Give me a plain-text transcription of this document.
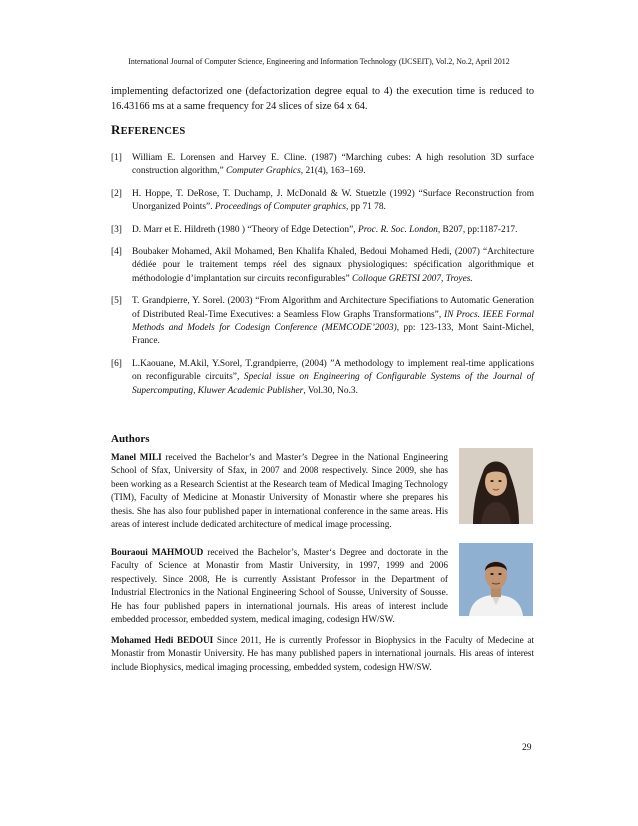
International Journal of Computer Science, Engineering and Information Technology (IJCSEIT), Vol.2, No.2, April 2012

implementing defactorized one (defactorization degree equal to 4) the execution time is reduced to 16.43166 ms at a same frequency for 24 slices of size 64 x 64.

REFERENCES
[1] William E. Lorensen and Harvey E. Cline. (1987) “Marching cubes: A high resolution 3D surface construction algorithm,” Computer Graphics, 21(4), 163–169.
[2] H. Hoppe, T. DeRose, T. Duchamp, J. McDonald & W. Stuetzle (1992) “Surface Reconstruction from Unorganized Points”. Proceedings of Computer graphics, pp 71 78.
[3] D. Marr et E. Hildreth (1980 ) “Theory of Edge Detection”, Proc. R. Soc. London, B207, pp:1187-217.
[4] Boubaker Mohamed, Akil Mohamed, Ben Khalifa Khaled, Bedoui Mohamed Hedi, (2007) “Architecture dédiée pour le traitement temps réel des signaux physiologiques: spécification algorithmique et méthodologie d’implantation sur circuits reconfigurables” Colloque GRETSI 2007, Troyes.
[5] T. Grandpierre, Y. Sorel. (2003) “From Algorithm and Architecture Specifiations to Automatic Generation of Distributed Real-Time Executives: a Seamless Flow Graphs Transformations”, IN Procs. IEEE Formal Methods and Models for Codesign Conference (MEMCODE’2003), pp: 123-133, Mont Saint-Michel, France.
[6] L.Kaouane, M.Akil, Y.Sorel, T.grandpierre, (2004) ”A methodology to implement real-time applications on reconfigurable circuits”, Special issue on Engineering of Configurable Systems of the Journal of Supercomputing, Kluwer Academic Publisher, Vol.30, No.3.
Authors

Manel MILI received the Bachelor’s and Master’s Degree in the National Engineering School of Sfax, University of Sfax, in 2007 and 2008 respectively. Since 2009, she has been working as a Research Scientist at the Research team of Medical Imaging Technology (TIM), Faculty of Medicine at Monastir University of Monastir where she prepares his thesis. She has also four published paper in international conference in the same areas. His areas of interest include dedicated architecture of medical image processing.

Bouraoui MAHMOUD received the Bachelor’s, Master‘s Degree and doctorate in the Faculty of Science at Monastir from Mastir University, in 1997, 1999 and 2006 respectively. Since 2008, He is currently Assistant Professor in the Department of Industrial Electronics in the National Engineering School of Sousse, University of Sousse. He has four published papers in international journals. His areas of interest include embedded processor, embedded system, medical imaging, codesign HW/SW.

Mohamed Hedi BEDOUI Since 2011, He is currently Professor in Biophysics in the Faculty of Medecine at Monastir from Monastir University. He has many published papers in international journals. His areas of interest include Biophysics, medical imaging processing, embedded system, codesign HW/SW.

29
